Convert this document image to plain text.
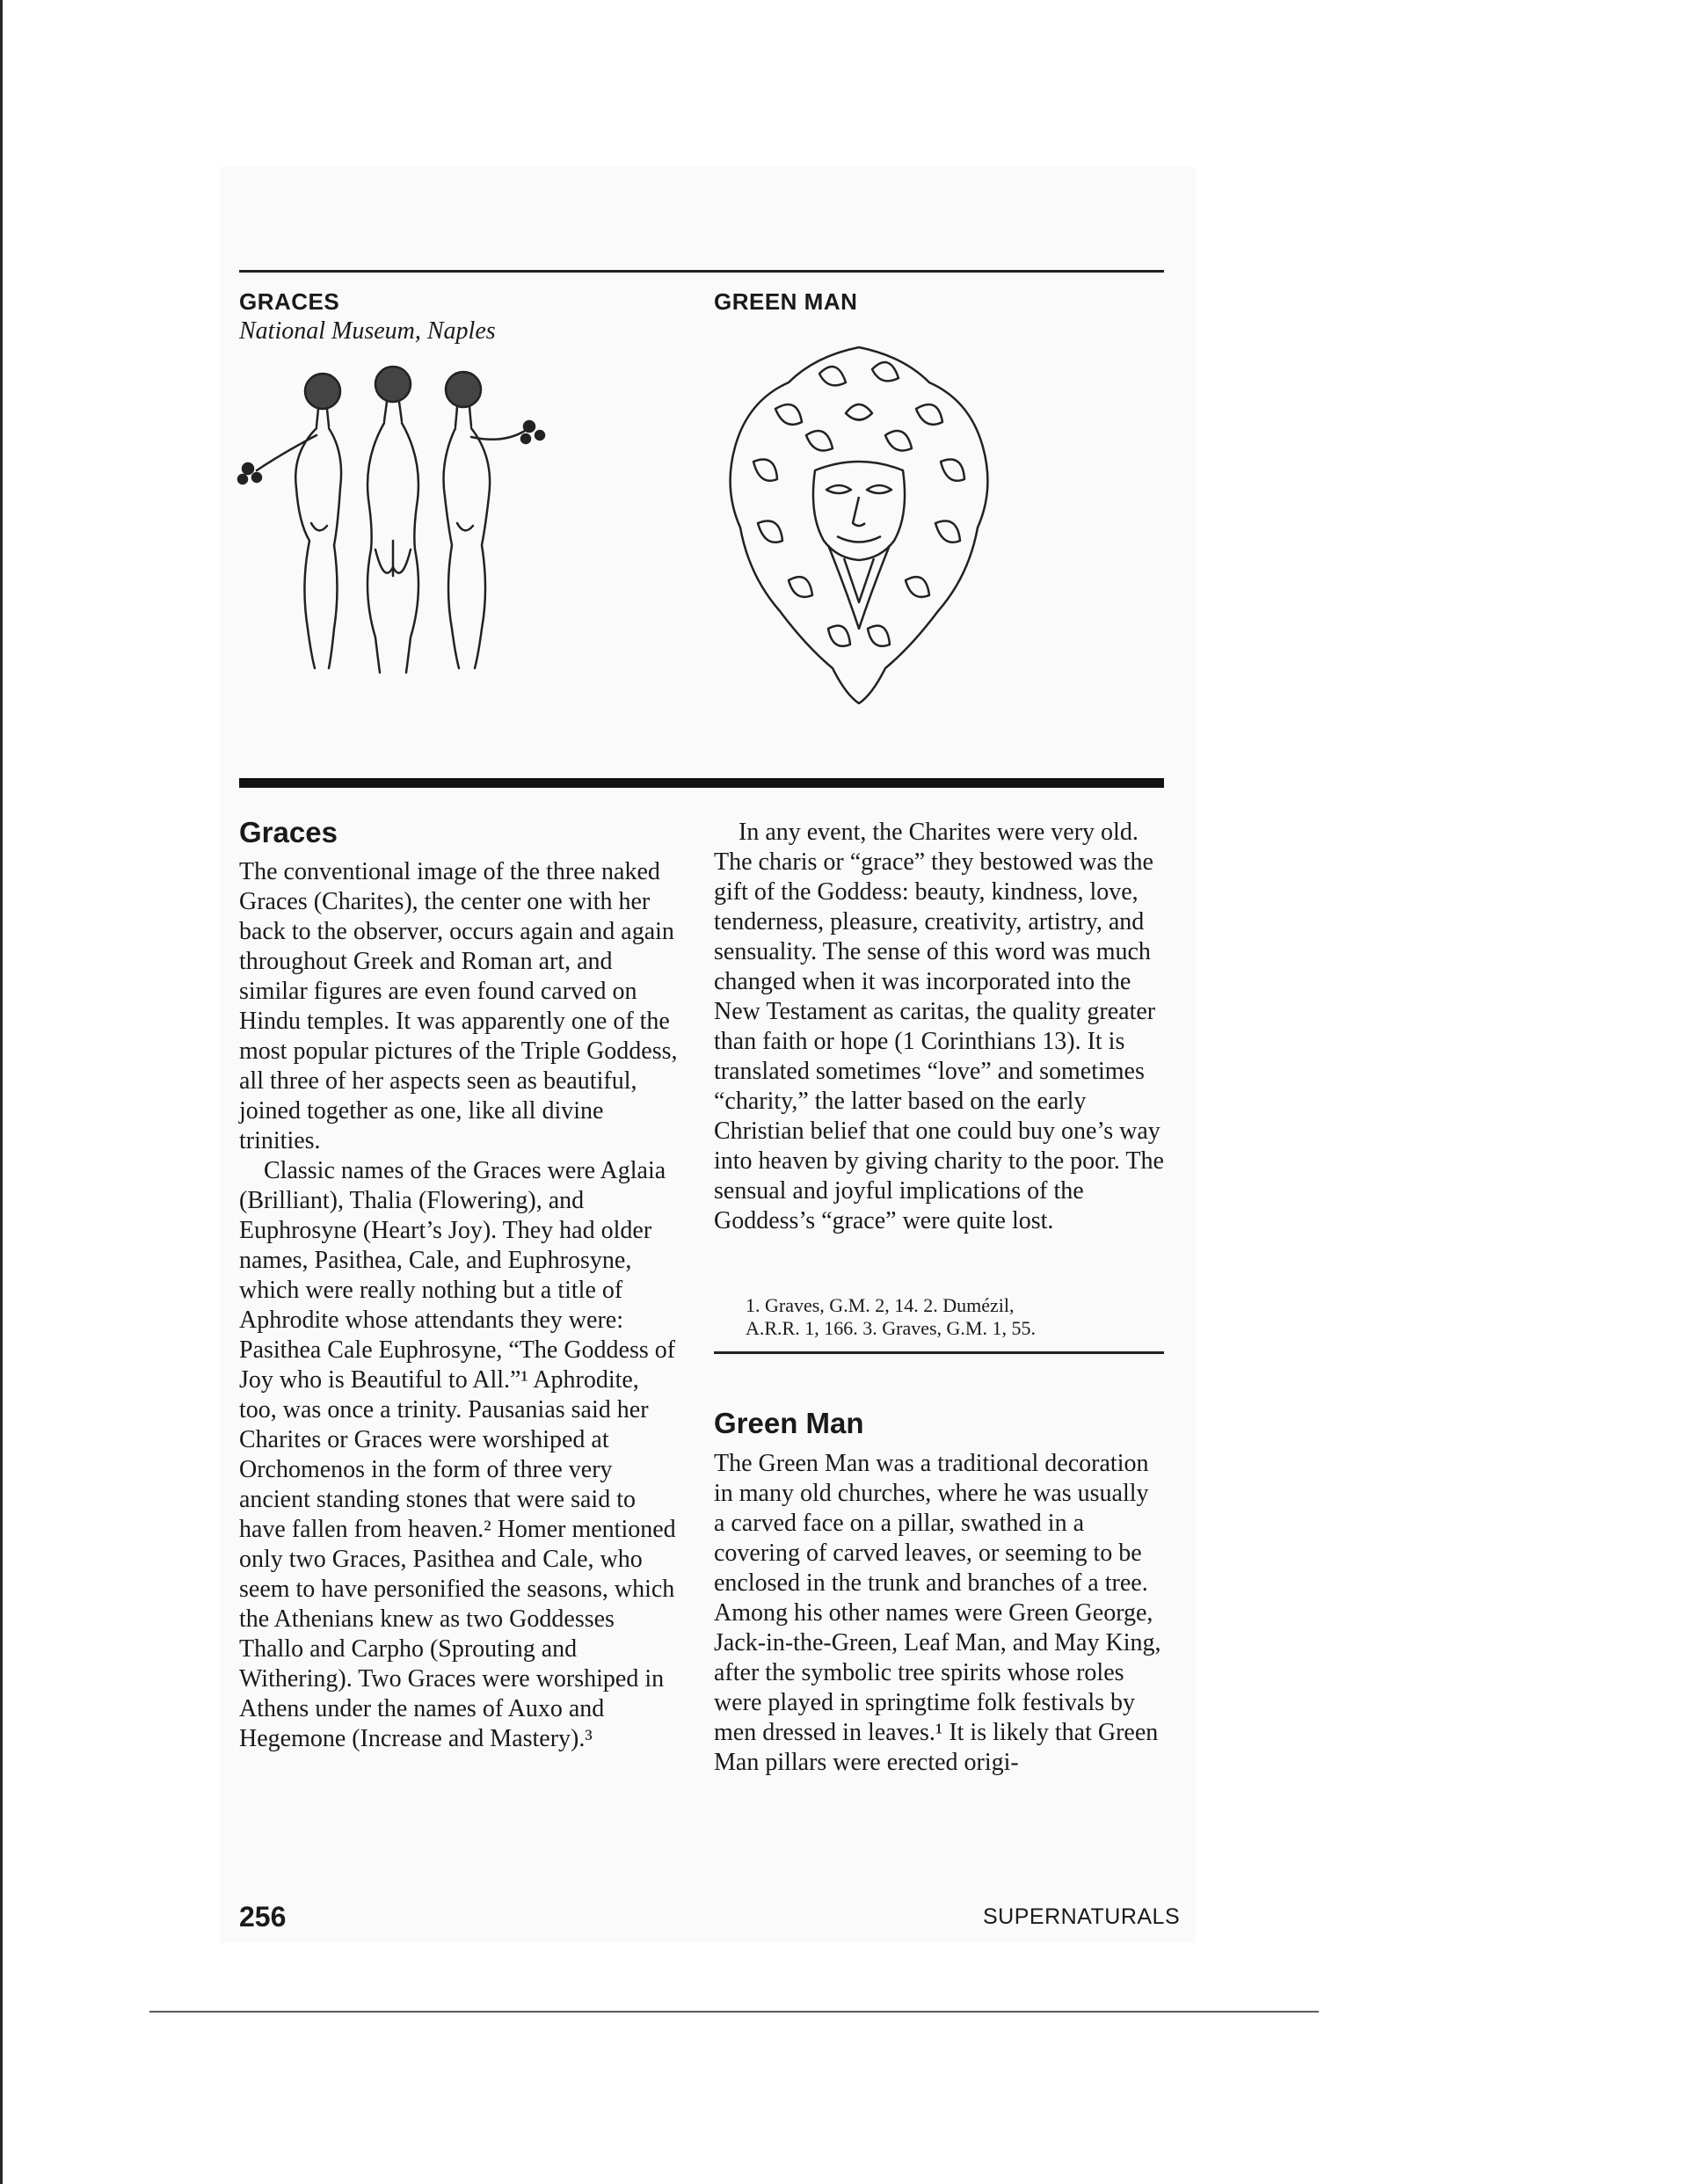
GRACES
National Museum, Naples
GREEN MAN
Graces

The conventional image of the three naked Graces (Charites), the center one with her back to the observer, occurs again and again throughout Greek and Roman art, and similar figures are even found carved on Hindu temples. It was apparently one of the most popular pictures of the Triple Goddess, all three of her aspects seen as beautiful, joined together as one, like all divine trinities.

Classic names of the Graces were Aglaia (Brilliant), Thalia (Flowering), and Euphrosyne (Heart’s Joy). They had older names, Pasithea, Cale, and Euphrosyne, which were really nothing but a title of Aphrodite whose attendants they were: Pasithea Cale Euphrosyne, “The Goddess of Joy who is Beautiful to All.”¹ Aphrodite, too, was once a trinity. Pausanias said her Charites or Graces were worshiped at Orchomenos in the form of three very ancient standing stones that were said to have fallen from heaven.² Homer mentioned only two Graces, Pasithea and Cale, who seem to have personified the seasons, which the Athenians knew as two Goddesses Thallo and Carpho (Sprouting and Withering). Two Graces were worshiped in Athens under the names of Auxo and Hegemone (Increase and Mastery).³

In any event, the Charites were very old. The charis or “grace” they bestowed was the gift of the Goddess: beauty, kindness, love, tenderness, pleasure, creativity, artistry, and sensuality. The sense of this word was much changed when it was incorporated into the New Testament as caritas, the quality greater than faith or hope (1 Corinthians 13). It is translated sometimes “love” and sometimes “charity,” the latter based on the early Christian belief that one could buy one’s way into heaven by giving charity to the poor. The sensual and joyful implications of the Goddess’s “grace” were quite lost.

1. Graves, G.M. 2, 14. 2. Dumézil,

A.R.R. 1, 166. 3. Graves, G.M. 1, 55.

Green Man

The Green Man was a traditional decoration in many old churches, where he was usually a carved face on a pillar, swathed in a covering of carved leaves, or seeming to be enclosed in the trunk and branches of a tree. Among his other names were Green George, Jack-in-the-Green, Leaf Man, and May King, after the symbolic tree spirits whose roles were played in springtime folk festivals by men dressed in leaves.¹ It is likely that Green Man pillars were erected origi-

256	SUPERNATURALS
